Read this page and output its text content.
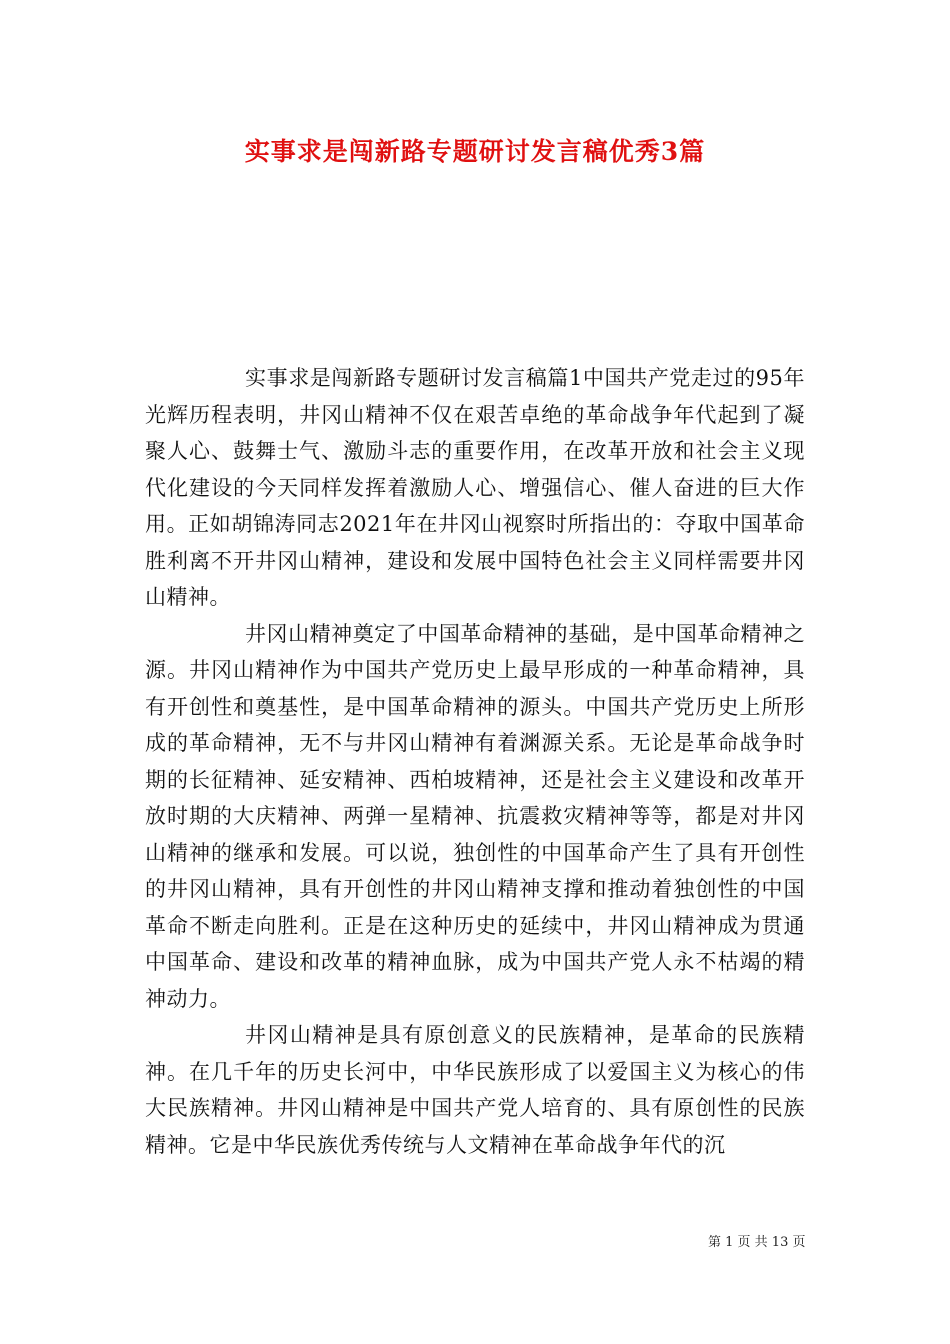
实事求是闯新路专题研讨发言稿优秀3篇

实事求是闯新路专题研讨发言稿篇1中国共产党走过的95年光辉历程表明，井冈山精神不仅在艰苦卓绝的革命战争年代起到了凝聚人心、鼓舞士气、激励斗志的重要作用，在改革开放和社会主义现代化建设的今天同样发挥着激励人心、增强信心、催人奋进的巨大作用。正如胡锦涛同志2021年在井冈山视察时所指出的：夺取中国革命胜利离不开井冈山精神，建设和发展中国特色社会主义同样需要井冈山精神。

井冈山精神奠定了中国革命精神的基础，是中国革命精神之源。井冈山精神作为中国共产党历史上最早形成的一种革命精神，具有开创性和奠基性，是中国革命精神的源头。中国共产党历史上所形成的革命精神，无不与井冈山精神有着渊源关系。无论是革命战争时期的长征精神、延安精神、西柏坡精神，还是社会主义建设和改革开放时期的大庆精神、两弹一星精神、抗震救灾精神等等，都是对井冈山精神的继承和发展。可以说，独创性的中国革命产生了具有开创性的井冈山精神，具有开创性的井冈山精神支撑和推动着独创性的中国革命不断走向胜利。正是在这种历史的延续中，井冈山精神成为贯通中国革命、建设和改革的精神血脉，成为中国共产党人永不枯竭的精神动力。

井冈山精神是具有原创意义的民族精神，是革命的民族精神。在几千年的历史长河中，中华民族形成了以爱国主义为核心的伟大民族精神。井冈山精神是中国共产党人培育的、具有原创性的民族精神。它是中华民族优秀传统与人文精神在革命战争年代的沉

第 1 页 共 13 页
